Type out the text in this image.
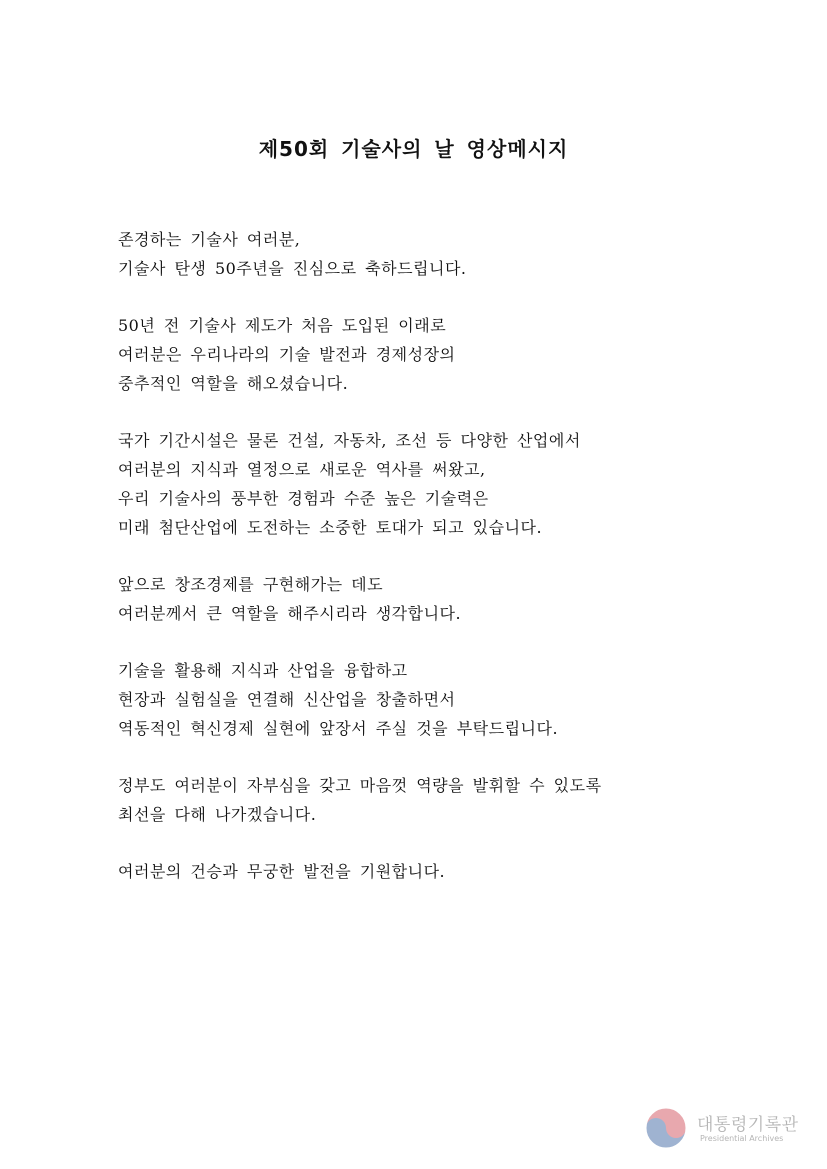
제50회 기술사의 날 영상메시지
존경하는 기술사 여러분,
기술사 탄생 50주년을 진심으로 축하드립니다.
50년 전 기술사 제도가 처음 도입된 이래로
여러분은 우리나라의 기술 발전과 경제성장의
중추적인 역할을 해오셨습니다.
국가 기간시설은 물론 건설, 자동차, 조선 등 다양한 산업에서
여러분의 지식과 열정으로 새로운 역사를 써왔고,
우리 기술사의 풍부한 경험과 수준 높은 기술력은
미래 첨단산업에 도전하는 소중한 토대가 되고 있습니다.
앞으로 창조경제를 구현해가는 데도
여러분께서 큰 역할을 해주시리라 생각합니다.
기술을 활용해 지식과 산업을 융합하고
현장과 실험실을 연결해 신산업을 창출하면서
역동적인 혁신경제 실현에 앞장서 주실 것을 부탁드립니다.
정부도 여러분이 자부심을 갖고 마음껏 역량을 발휘할 수 있도록
최선을 다해 나가겠습니다.
여러분의 건승과 무궁한 발전을 기원합니다.
대통령기록관
Presidential Archives
